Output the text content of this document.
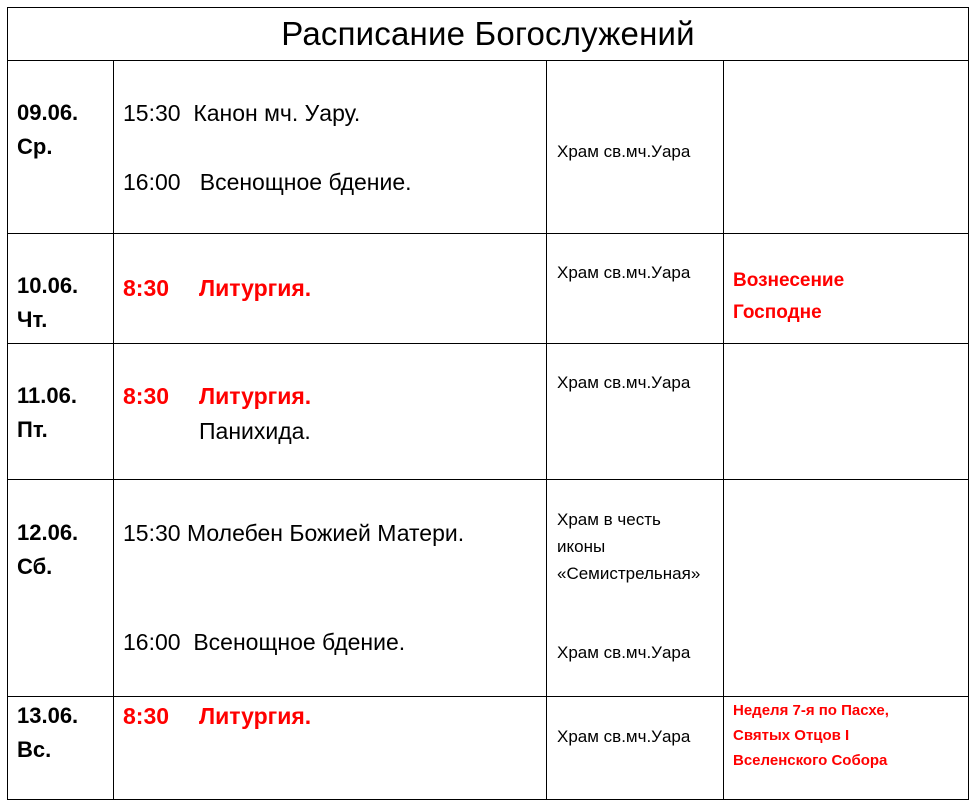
Расписание Богослужений
09.06.
Ср.
15:30  Канон мч. Уару.
16:00   Всенощное бдение.
Храм св.мч.Уара
10.06.
Чт.
8:30 Литургия.
Храм св.мч.Уара Вознесение
Господне
11.06.
Пт.
8:30 Литургия.
Панихида.
Храм св.мч.Уара
12.06.
Сб.
15:30 Молебен Божией Матери.
16:00  Всенощное бдение.
Храм в честь
иконы
«Семистрельная»
Храм св.мч.Уара
13.06.
Вс.
8:30 Литургия.
Храм св.мч.Уара
Неделя 7-я по Пасхе,
Святых Отцов I
Вселенского Собора
